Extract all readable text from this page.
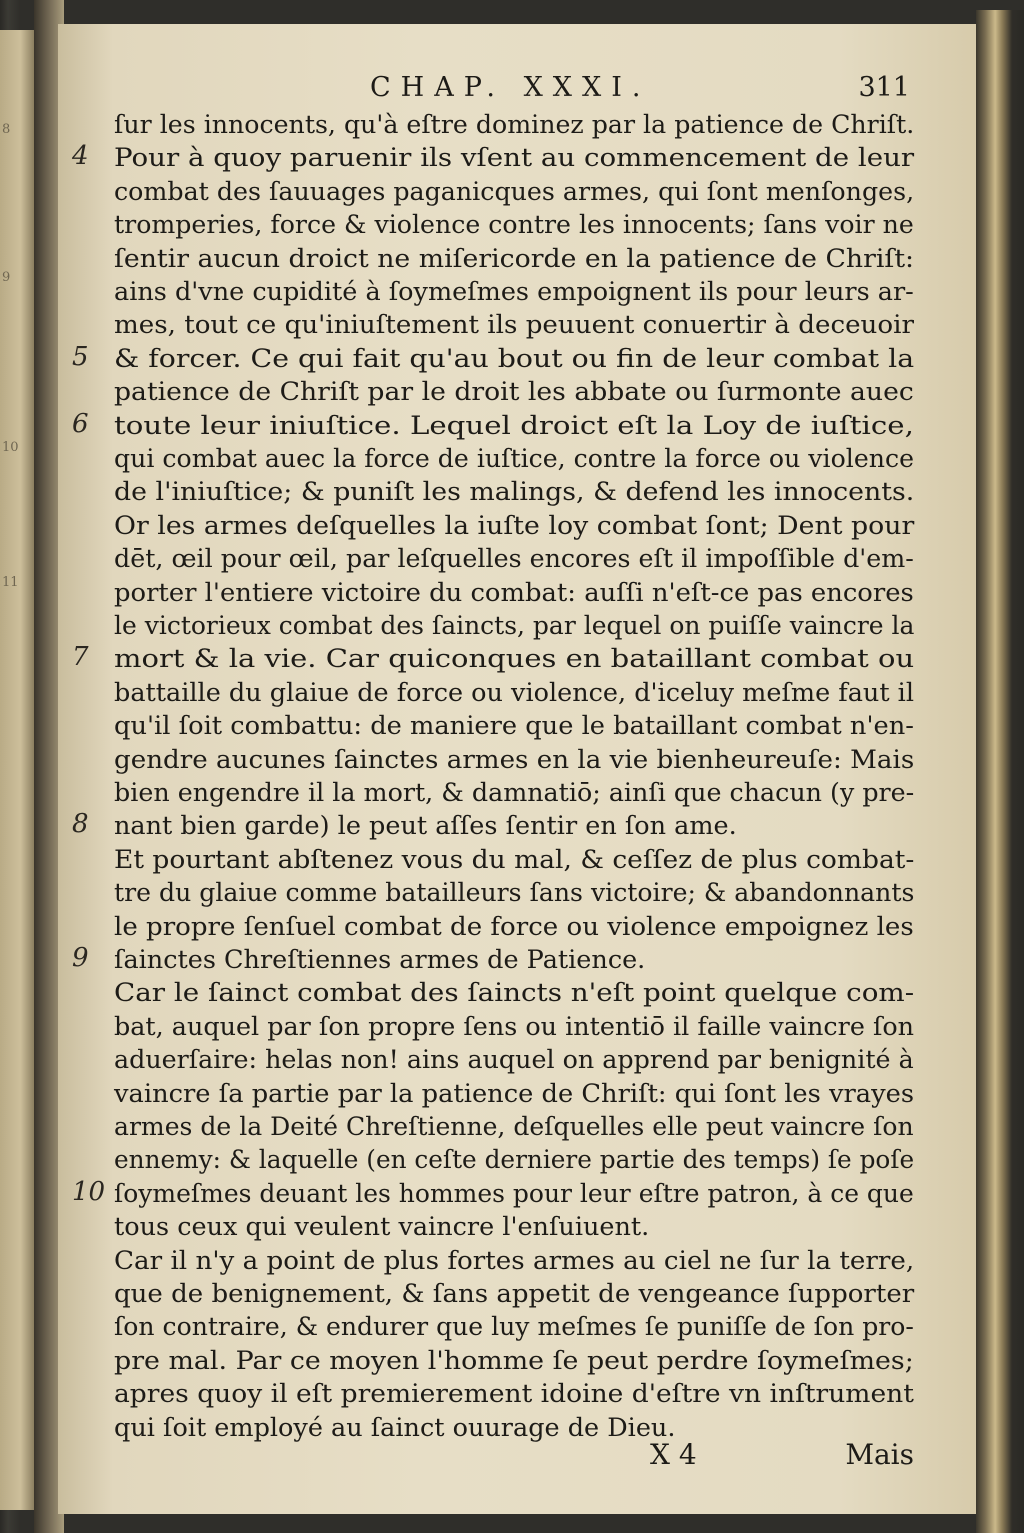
8
9
10
11
CHAP. XXXI.	311
ſur les innocents, qu'à eſtre dominez par la patience de Chriſt.
Pour à quoy paruenir ils vſent au commencement de leur
combat des ſauuages paganicques armes, qui ſont menſonges,
tromperies, force & violence contre les innocents; ſans voir ne
ſentir aucun droict ne miſericorde en la patience de Chriſt:
ains d'vne cupidité à ſoymeſmes empoignent ils pour leurs ar-
mes, tout ce qu'iniuſtement ils peuuent conuertir à deceuoir
& forcer. Ce qui fait qu'au bout ou fin de leur combat la
patience de Chriſt par le droit les abbate ou ſurmonte auec
toute leur iniuſtice. Lequel droict eſt la Loy de iuſtice,
qui combat auec la force de iuſtice, contre la force ou violence
de l'iniuſtice; & puniſt les malings, & defend les innocents.
Or les armes deſquelles la iuſte loy combat ſont; Dent pour
dēt, œil pour œil, par leſquelles encores eſt il impoſſible d'em-
porter l'entiere victoire du combat: auſſi n'eſt-ce pas encores
le victorieux combat des ſaincts, par lequel on puiſſe vaincre la
mort & la vie. Car quiconques en bataillant combat ou
battaille du glaiue de force ou violence, d'iceluy meſme faut il
qu'il ſoit combattu: de maniere que le bataillant combat n'en-
gendre aucunes ſainctes armes en la vie bienheureuſe: Mais
bien engendre il la mort, & damnatiō; ainſi que chacun (y pre-
nant bien garde) le peut aſſes ſentir en ſon ame.
Et pourtant abſtenez vous du mal, & ceſſez de plus combat-
tre du glaiue comme batailleurs ſans victoire; & abandonnants
le propre ſenſuel combat de force ou violence empoignez les
ſainctes Chreſtiennes armes de Patience.
Car le ſainct combat des ſaincts n'eſt point quelque com-
bat, auquel par ſon propre ſens ou intentiō il faille vaincre ſon
aduerſaire: helas non! ains auquel on apprend par benignité à
vaincre ſa partie par la patience de Chriſt: qui ſont les vrayes
armes de la Deité Chreſtienne, deſquelles elle peut vaincre ſon
ennemy: & laquelle (en ceſte derniere partie des temps) ſe poſe
ſoymeſmes deuant les hommes pour leur eſtre patron, à ce que
tous ceux qui veulent vaincre l'enſuiuent.
Car il n'y a point de plus fortes armes au ciel ne ſur la terre,
que de benignement, & ſans appetit de vengeance ſupporter
ſon contraire, & endurer que luy meſmes ſe puniſſe de ſon pro-
pre mal. Par ce moyen l'homme ſe peut perdre ſoymeſmes;
apres quoy il eſt premierement idoine d'eſtre vn inſtrument
qui ſoit employé au ſainct ouurage de Dieu.
4
5
6
7
8
9
10
X 4	Mais
